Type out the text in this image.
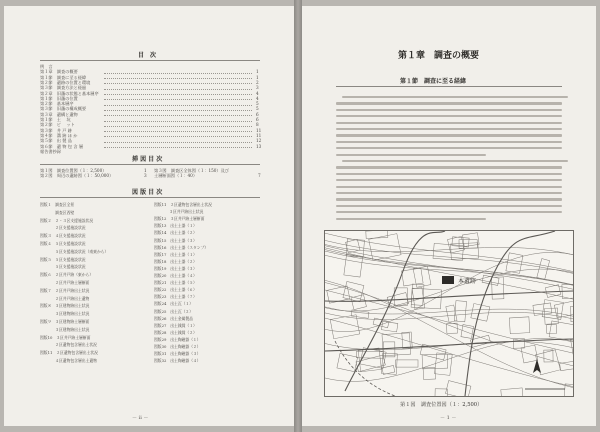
目　次
例　言
第１章　調査の概要	1
第１節　調査に至る経緯	1
第２節　遺跡の位置と環境	2
第３節　調査方法と経過	3
第２章　旧藩の状態と基本層序	4
第１節　旧藩の位置	4
第２節　基本層序	5
第３節　旧藩の構成概要	5
第３章　遺構と遺物	6
第１節　土 　坑	6
第２節　ピ 　ット	8
第３節　井 戸 跡	11
第４節　溝 跡 ほ か	11
第５節　出 製 品	12
第６節　遺 物 包 含 層	13
報告書抄録
挿 図 目 次
第１図　調査位置図（１：2,500）	1
第２図　周辺の遺跡図（１：50,000）	3
第３図　調査区全体図（１：150）及び
土層断面図（１：40）	7
図 版 目 次
図版１　調査区全景
　　　　調査区西壁
図版２　２・３区支援施設状況
　　　　２区支援施設状況
図版３　４区支援施設状況
図版４　５区支援施設状況
　　　　５区支援施設状況（南東から）
図版５　５区支援施設状況
　　　　５区支援施設状況
図版６　２区井戸跡（東から）
　　　　２区井戸跡土層断面
図版７　２区井戸跡出土状況
　　　　２区井戸跡出土遺物
図版８　３区建物跡出土状況
　　　　３区建物跡出土状況
図版９　３区建物跡土層断面
　　　　３区建物跡出土状況
図版10　３区井戸跡土層断面
　　　　２区遺物包含層出土状況
図版11　２区遺物包含層出土状況
　　　　４区遺物包含層出土遺物
図版11　２区遺物包含層出土状況
　　　　３区井戸跡出土状況
図版12　３区井戸跡土層断面
図版13　出土土器（１）
図版14　出土土器（２）
図版15　出土土器（３）
図版16　出土土器（スタンプ）
図版17　出土土器（１）
図版18　出土土器（２）
図版19　出土土器（３）
図版20　出土土器（４）
図版21　出土土器（５）
図版22　出土土器（６）
図版23　出土土器（７）
図版24　出土瓦（１）
図版25　出土瓦（２）
図版26　出土金属製品
図版27　出土銭貨（１）
図版28　出土銭貨（２）
図版29　出土陶磁器（１）
図版30　出土陶磁器（２）
図版31　出土陶磁器（３）
図版32　出土陶磁器（４）
－ ii －
第１章　調査の概要
第１節　調査に至る経緯
本遺跡
第１図　調査位置図（１：2,500）
－ 1 －
